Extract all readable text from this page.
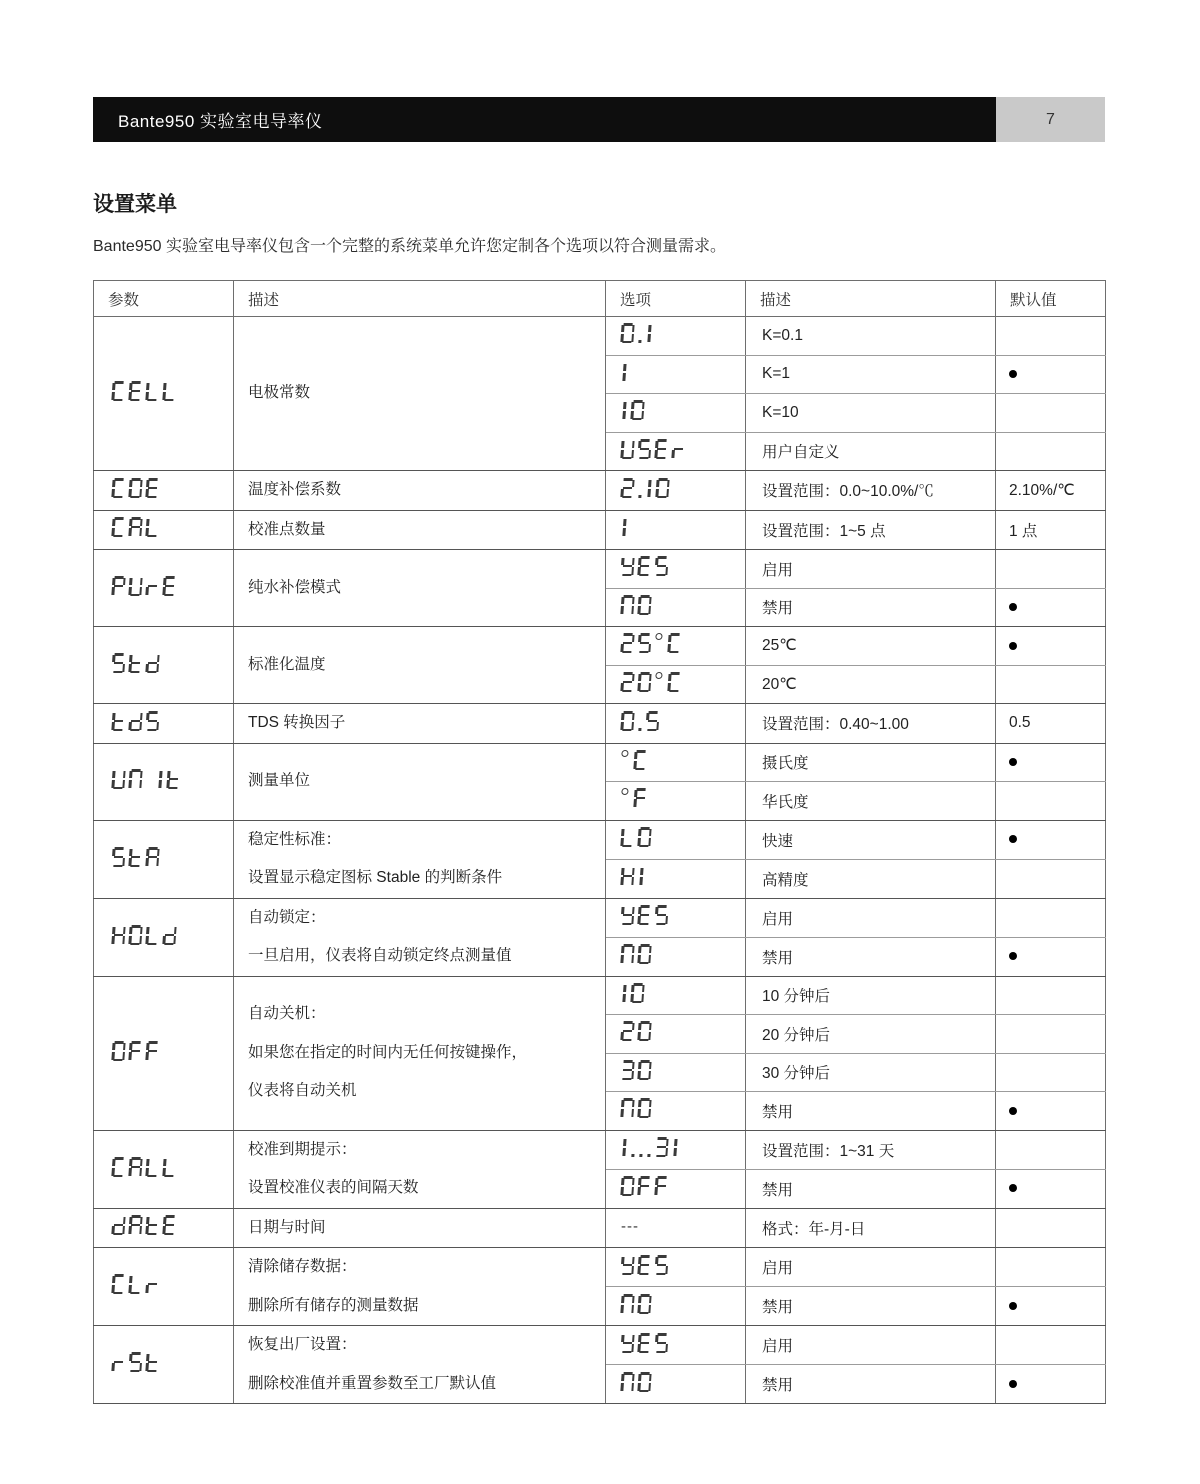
Bante950 实验室电导率仪	7
设置菜单

Bante950 实验室电导率仪包含一个完整的系统菜单允许您定制各个选项以符合测量需求。

参数	描述	选项	描述	默认值

	电极常数		K=0.1	

			K=1	

			K=10	

			用户自定义	

	温度补偿系数		设置范围：0.0~10.0%/℃	2.10%/℃

	校准点数量		设置范围：1~5 点	1 点

	纯水补偿模式		启用	

			禁用	

	标准化温度		25℃	

			20℃	

	TDS 转换因子		设置范围：0.40~1.00	0.5

	测量单位		摄氏度	

			华氏度	

	稳定性标准：
设置显示稳定图标 Stable 的判断条件		快速	

			高精度	

	自动锁定：
一旦启用，仪表将自动锁定终点测量值		启用	

			禁用	

	自动关机：
如果您在指定的时间内无任何按键操作，
仪表将自动关机		10 分钟后	

			20 分钟后	

			30 分钟后	

			禁用	

	校准到期提示：
设置校准仪表的间隔天数		设置范围：1~31 天	

			禁用	

	日期与时间	---	格式：年-月-日	

	清除储存数据：
删除所有储存的测量数据		启用	

			禁用	

	恢复出厂设置：
删除校准值并重置参数至工厂默认值		启用	

			禁用	
